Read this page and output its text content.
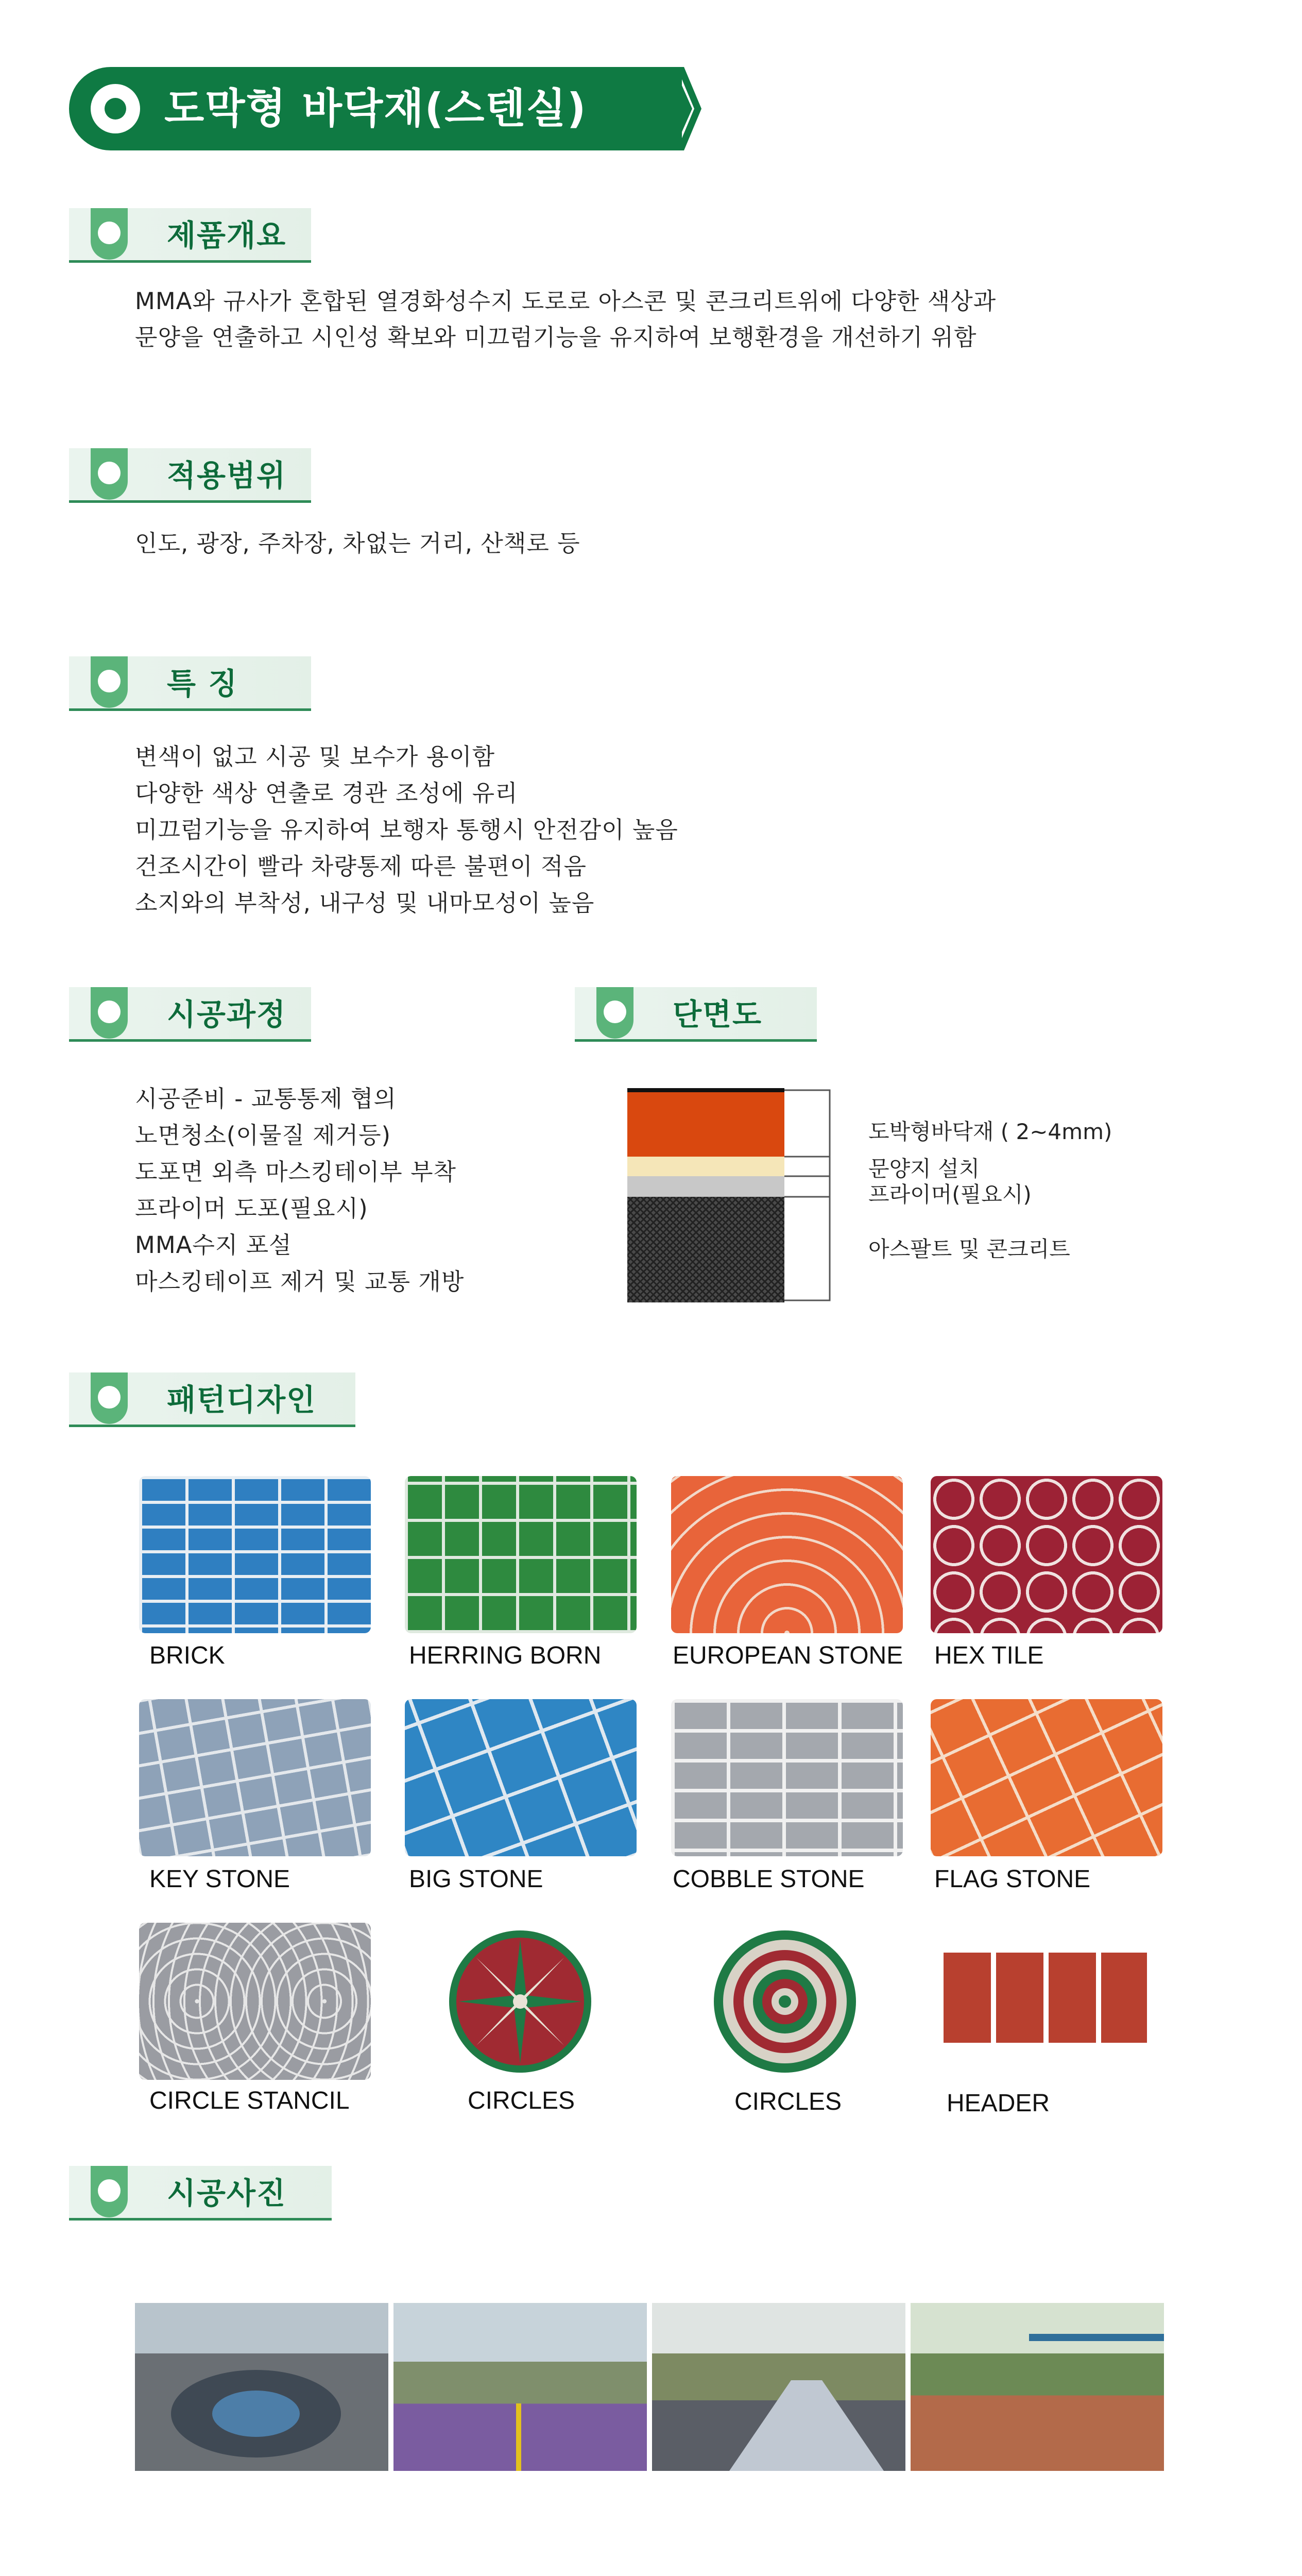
도막형 바닥재(스텐실)
제품개요
MMA와 규사가 혼합된 열경화성수지 도로로 아스콘 및 콘크리트위에 다양한 색상과
문양을 연출하고 시인성 확보와 미끄럼기능을 유지하여 보행환경을 개선하기 위함
적용범위
인도, 광장, 주차장, 차없는 거리, 산책로 등
특 징
변색이 없고 시공 및 보수가 용이함
다양한 색상 연출로 경관 조성에 유리
미끄럼기능을 유지하여 보행자 통행시 안전감이 높음
건조시간이 빨라 차량통제 따른 불편이 적음
소지와의 부착성, 내구성 및 내마모성이 높음
시공과정
시공준비 - 교통통제 협의
노면청소(이물질 제거등)
도포면 외측 마스킹테이부 부착
프라이머 도포(필요시)
MMA수지 포설
마스킹테이프 제거 및 교통 개방
단면도
도박형바닥재 ( 2~4mm)
문양지 설치
프라이머(필요시)
아스팔트 및 콘크리트
패턴디자인
BRICK	HERRING BORN	EUROPEAN STONE HEX TILE
KEY STONE	BIG STONE	COBBLE STONE	FLAG STONE
CIRCLE STANCIL	CIRCLES	CIRCLES	HEADER
시공사진
